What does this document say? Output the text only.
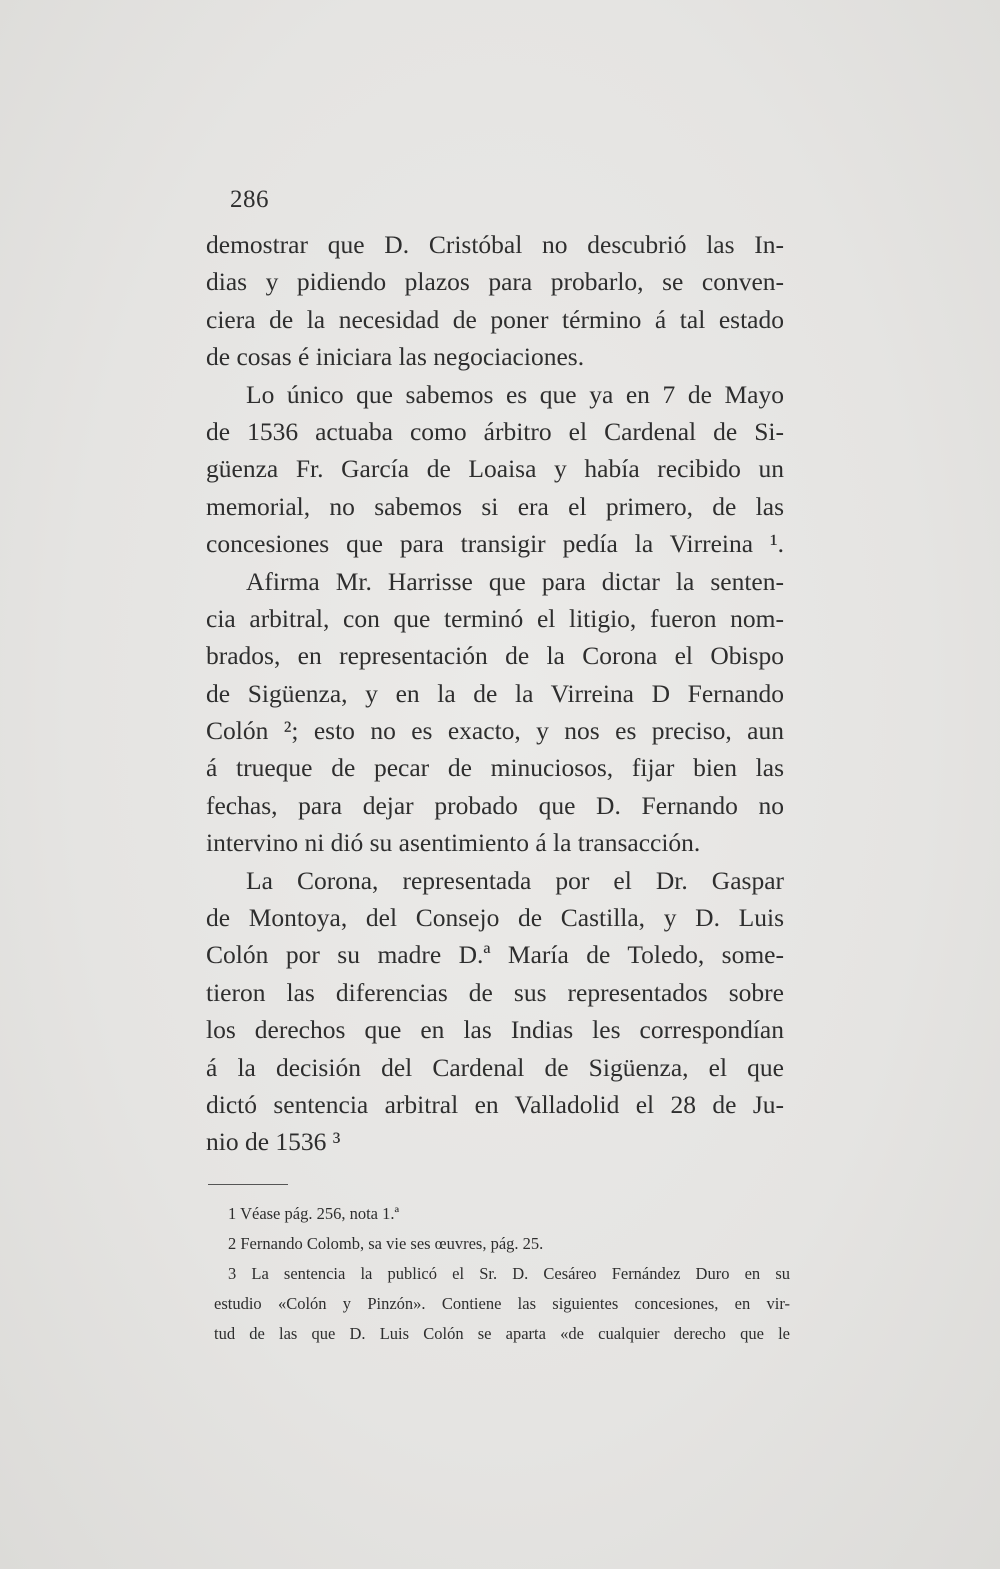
286
demostrar que D. Cristóbal no descubrió las In-
dias y pidiendo plazos para probarlo, se conven-
ciera de la necesidad de poner término á tal estado
de cosas é iniciara las negociaciones.
Lo único que sabemos es que ya en 7 de Mayo
de 1536 actuaba como árbitro el Cardenal de Si-
güenza Fr. García de Loaisa y había recibido un
memorial, no sabemos si era el primero, de las
concesiones que para transigir pedía la Virreina ¹.
Afirma Mr. Harrisse que para dictar la senten-
cia arbitral, con que terminó el litigio, fueron nom-
brados, en representación de la Corona el Obispo
de Sigüenza, y en la de la Virreina D Fernando
Colón ²; esto no es exacto, y nos es preciso, aun
á trueque de pecar de minuciosos, fijar bien las
fechas, para dejar probado que D. Fernando no
intervino ni dió su asentimiento á la transacción.
La Corona, representada por el Dr. Gaspar
de Montoya, del Consejo de Castilla, y D. Luis
Colón por su madre D.ª María de Toledo, some-
tieron las diferencias de sus representados sobre
los derechos que en las Indias les correspondían
á la decisión del Cardenal de Sigüenza, el que
dictó sentencia arbitral en Valladolid el 28 de Ju-
nio de 1536 ³
1 Véase pág. 256, nota 1.ª
2 Fernando Colomb, sa vie ses œuvres, pág. 25.
3 La sentencia la publicó el Sr. D. Cesáreo Fernández Duro en su
estudio «Colón y Pinzón». Contiene las siguientes concesiones, en vir-
tud de las que D. Luis Colón se aparta «de cualquier derecho que le
